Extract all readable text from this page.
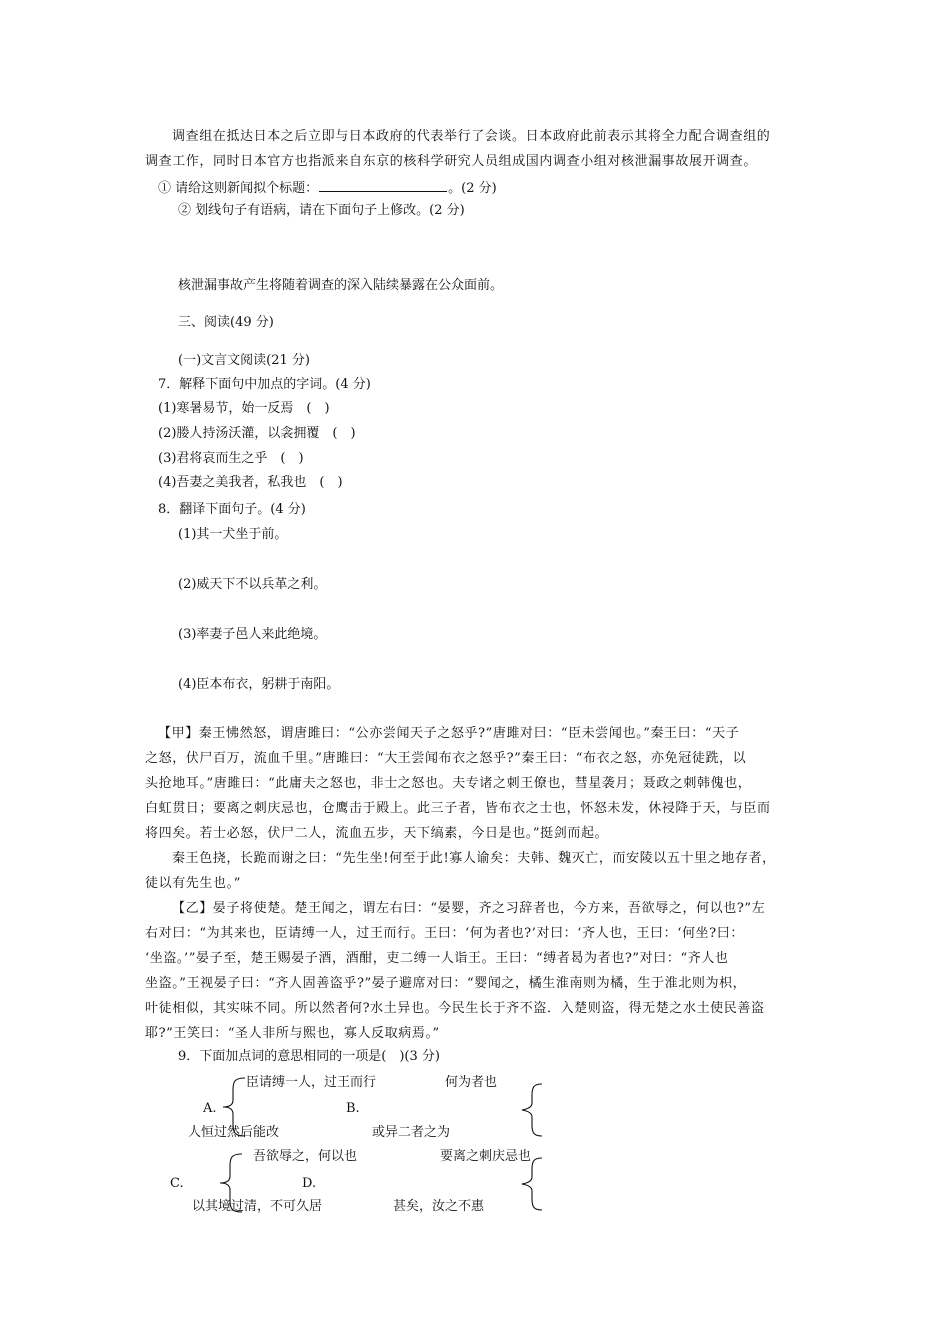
调查组在抵达日本之后立即与日本政府的代表举行了会谈。日本政府此前表示其将全力配合调查组的
调查工作，同时日本官方也指派来自东京的核科学研究人员组成国内调查小组对核泄漏事故展开调查。
① 请给这则新闻拟个标题：	。(2 分)
② 划线句子有语病，请在下面句子上修改。(2 分)
核泄漏事故产生将随着调查的深入陆续暴露在公众面前。
三、阅读(49 分)
(一)文言文阅读(21 分)
7．解释下面句中加点的字词。(4 分)
(1)寒暑易节，始一反焉　(　)
(2)媵人持汤沃灌，以衾拥覆　(　)
(3)君将哀而生之乎　(　)
(4)吾妻之美我者，私我也　(　)
8．翻译下面句子。(4 分)
(1)其一犬坐于前。
(2)威天下不以兵革之利。
(3)率妻子邑人来此绝境。
(4)臣本布衣，躬耕于南阳。
【甲】秦王怫然怒，谓唐雎曰：“公亦尝闻天子之怒乎?”唐雎对曰：“臣未尝闻也。”秦王曰：“天子
之怒，伏尸百万，流血千里。”唐雎曰：“大王尝闻布衣之怒乎?”秦王曰：“布衣之怒，亦免冠徒跣，以
头抢地耳。”唐雎曰：“此庸夫之怒也，非士之怒也。夫专诸之刺王僚也，彗星袭月；聂政之刺韩傀也，
白虹贯日；要离之刺庆忌也，仓鹰击于殿上。此三子者，皆布衣之士也，怀怒未发，休祲降于天，与臣而
将四矣。若士必怒，伏尸二人，流血五步，天下缟素，今日是也。”挺剑而起。
秦王色挠，长跪而谢之曰：“先生坐!何至于此!寡人谕矣：夫韩、魏灭亡，而安陵以五十里之地存者，
徒以有先生也。”
【乙】晏子将使楚。楚王闻之，谓左右曰：“晏婴，齐之习辞者也，今方来，吾欲辱之，何以也?”左
右对曰：“为其来也，臣请缚一人，过王而行。王曰：‘何为者也?’对曰：‘齐人也，王曰：‘何坐?曰：
‘坐盗。’”晏子至，楚王赐晏子酒，酒酣，吏二缚一人诣王。王曰：“缚者曷为者也?”对曰：“齐人也
坐盗。”王视晏子曰：“齐人固善盗乎?”晏子避席对曰：“婴闻之，橘生淮南则为橘，生于淮北则为枳，
叶徒相似，其实味不同。所以然者何?水土异也。今民生长于齐不盗．入楚则盗，得无楚之水土使民善盗
耶?”王笑曰：“圣人非所与熙也，寡人反取病焉。”
9．下面加点词的意思相同的一项是(　)(3 分)
臣请缚一人，过王而行	何为者也
A.	B.
人恒过然后能改	或异二者之为
吾欲辱之，何以也	要离之刺庆忌也
C.	D.
以其境过清，不可久居	甚矣，汝之不惠
